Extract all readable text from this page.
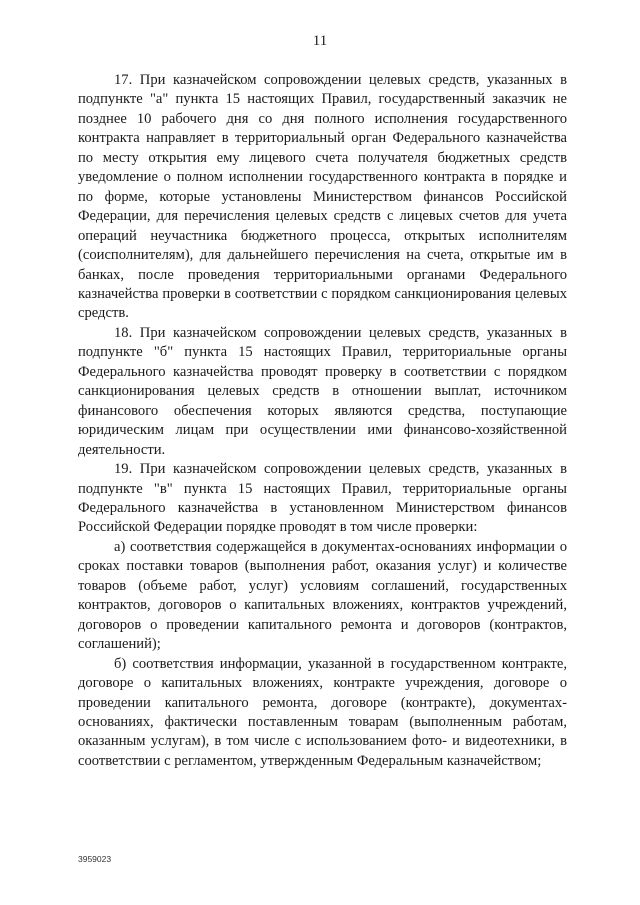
11

17. При казначейском сопровождении целевых средств, указанных в подпункте "а" пункта 15 настоящих Правил, государственный заказчик не позднее 10 рабочего дня со дня полного исполнения государственного контракта направляет в территориальный орган Федерального казначейства по месту открытия ему лицевого счета получателя бюджетных средств уведомление о полном исполнении государственного контракта в порядке и по форме, которые установлены Министерством финансов Российской Федерации, для перечисления целевых средств с лицевых счетов для учета операций неучастника бюджетного процесса, открытых исполнителям (соисполнителям), для дальнейшего перечисления на счета, открытые им в банках, после проведения территориальными органами Федерального казначейства проверки в соответствии с порядком санкционирования целевых средств.

18. При казначейском сопровождении целевых средств, указанных в подпункте "б" пункта 15 настоящих Правил, территориальные органы Федерального казначейства проводят проверку в соответствии с порядком санкционирования целевых средств в отношении выплат, источником финансового обеспечения которых являются средства, поступающие юридическим лицам при осуществлении ими финансово-хозяйственной деятельности.

19. При казначейском сопровождении целевых средств, указанных в подпункте "в" пункта 15 настоящих Правил, территориальные органы Федерального казначейства в установленном Министерством финансов Российской Федерации порядке проводят в том числе проверки:

а) соответствия содержащейся в документах-основаниях информации о сроках поставки товаров (выполнения работ, оказания услуг) и количестве товаров (объеме работ, услуг) условиям соглашений, государственных контрактов, договоров о капитальных вложениях, контрактов учреждений, договоров о проведении капитального ремонта и договоров (контрактов, соглашений);

б) соответствия информации, указанной в государственном контракте, договоре о капитальных вложениях, контракте учреждения, договоре о проведении капитального ремонта, договоре (контракте), документах-основаниях, фактически поставленным товарам (выполненным работам, оказанным услугам), в том числе с использованием фото- и видеотехники, в соответствии с регламентом, утвержденным Федеральным казначейством;

3959023
